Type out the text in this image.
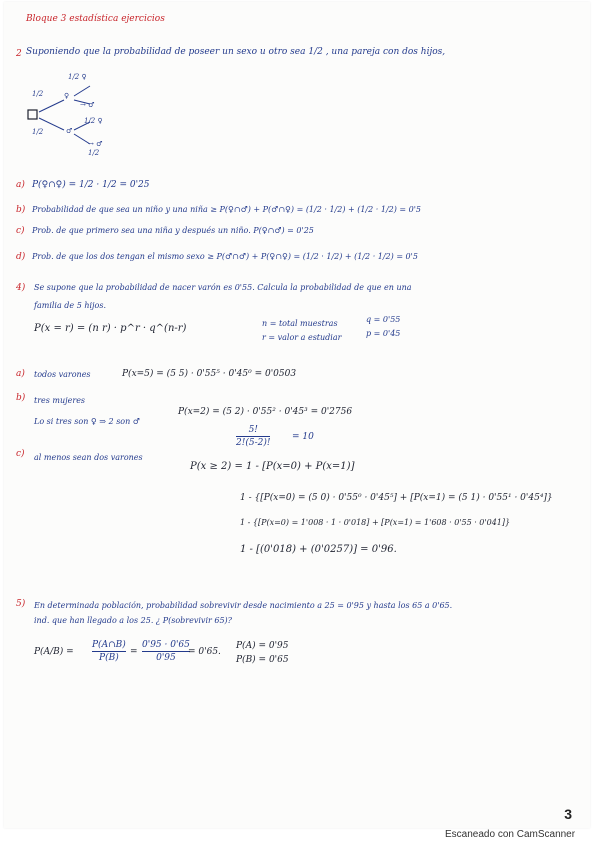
Bloque 3 estadística ejercicios
2 Suponiendo que la probabilidad de poseer un sexo u otro sea 1/2 , una pareja con dos hijos,
1/2
1/2
♀
♂
1/2 ♀
→ ♂
1/2 ♀
→ ♂
1/2
a) P(♀∩♀) = 1/2 · 1/2 = 0'25
b) Probabilidad de que sea un niño y una niña ≥ P(♀∩♂) + P(♂∩♀) = (1/2 · 1/2) + (1/2 · 1/2) = 0'5
c) Prob. de que primero sea una niña y después un niño. P(♀∩♂) = 0'25
d) Prob. de que los dos tengan el mismo sexo ≥ P(♂∩♂) + P(♀∩♀) = (1/2 · 1/2) + (1/2 · 1/2) = 0'5
4) Se supone que la probabilidad de nacer varón es 0'55. Calcula la probabilidad de que en una
familia de 5 hijos.
P(x = r) = (n r) · p^r · q^(n-r)	n = total muestras
r = valor a estudiar
q = 0'55
p = 0'45
a) todos varones	P(x=5) = (5 5) · 0'55⁵ · 0'45⁰ = 0'0503
b) tres mujeres
Lo si tres son ♀ ⇒ 2 son ♂
P(x=2) = (5 2) · 0'55² · 0'45³ = 0'2756
5!
2!(5-2)!
= 10
c) al menos sean dos varones
P(x ≥ 2) = 1 - [P(x=0) + P(x=1)]
1 - {[P(x=0) = (5 0) · 0'55⁰ · 0'45⁵] + [P(x=1) = (5 1) · 0'55¹ · 0'45⁴]}
1 - {[P(x=0) = 1'008 · 1 · 0'018] + [P(x=1) = 1'608 · 0'55 · 0'041]}
1 - [(0'018) + (0'0257)] = 0'96.
5) En determinada población, probabilidad sobrevivir desde nacimiento a 25 = 0'95 y hasta los 65 a 0'65.
ind. que han llegado a los 25. ¿ P(sobrevivir 65)?
P(A/B) =
P(A∩B)
P(B)
=
0'95 · 0'65
0'95
= 0'65.
P(A) = 0'95
P(B) = 0'65
3
Escaneado con CamScanner
